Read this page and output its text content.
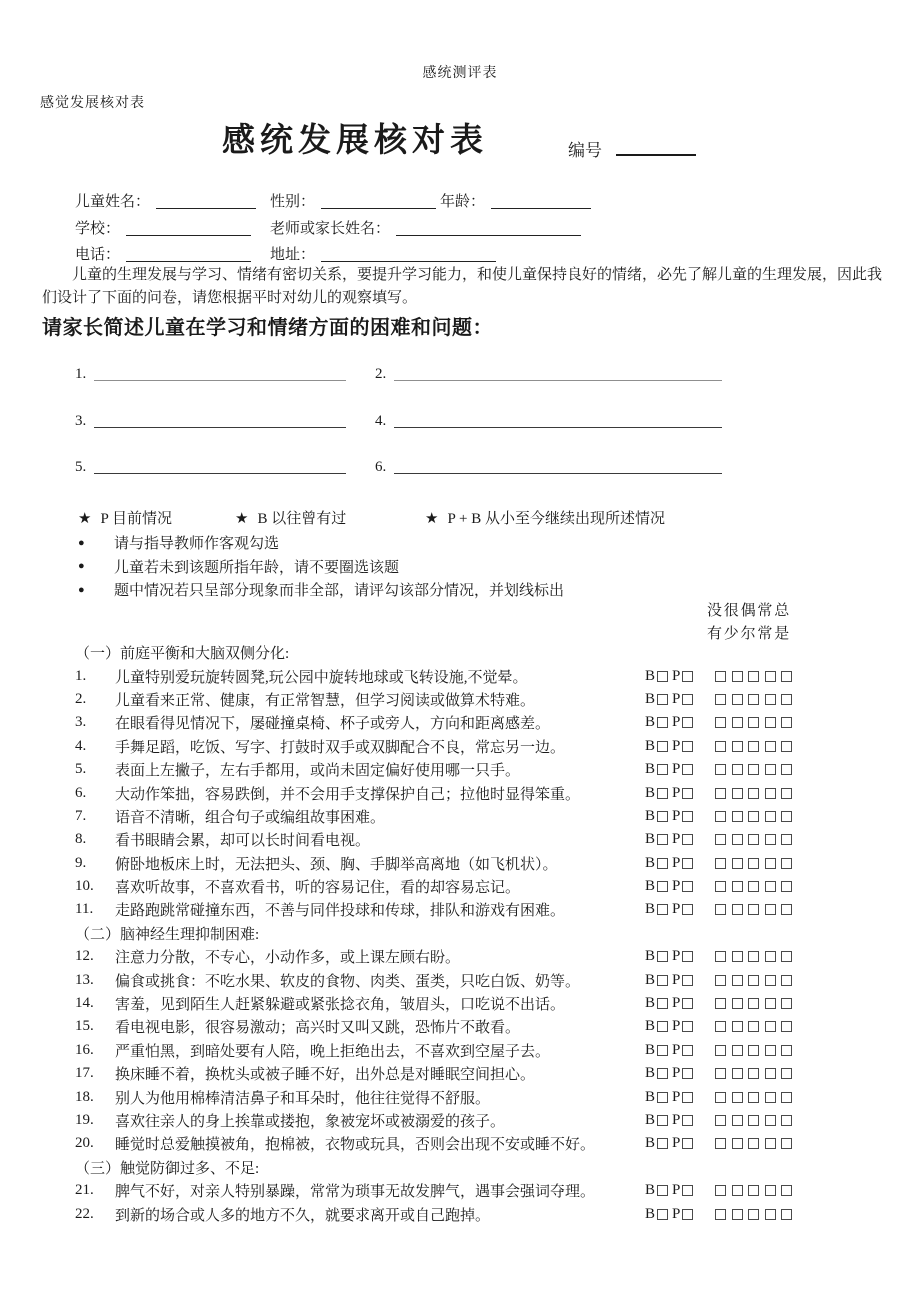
感统测评表
感觉发展核对表
感统发展核对表	编号
儿童姓名：	性别：	年龄：
学校：	老师或家长姓名：
电话：	地址：
儿童的生理发展与学习、情绪有密切关系，要提升学习能力，和使儿童保持良好的情绪，必先了解儿童的生理发展，因此我们设计了下面的问卷，请您根据平时对幼儿的观察填写。
请家长简述儿童在学习和情绪方面的困难和问题：
1.	2.
3.	4.
5.	6.
★ P 目前情况	★ B 以往曾有过	★ P + B 从小至今继续出现所述情况
●	请与指导教师作客观勾选
●	儿童若未到该题所指年龄，请不要圈选该题
●	题中情况若只呈部分现象而非全部，请评勾该部分情况，并划线标出
没很偶常总
有少尔常是
（一）前庭平衡和大脑双侧分化:
1.	儿童特别爱玩旋转圆凳,玩公园中旋转地球或飞转设施,不觉晕。	B P
2.	儿童看来正常、健康，有正常智慧，但学习阅读或做算术特难。	B P
3.	在眼看得见情况下，屡碰撞桌椅、杯子或旁人，方向和距离感差。	B P
4.	手舞足蹈，吃饭、写字、打鼓时双手或双脚配合不良，常忘另一边。	B P
5.	表面上左撇子，左右手都用，或尚未固定偏好使用哪一只手。	B P
6.	大动作笨拙，容易跌倒，并不会用手支撑保护自己；拉他时显得笨重。	B P
7.	语音不清晰，组合句子或编组故事困难。	B P
8.	看书眼睛会累，却可以长时间看电视。	B P
9.	俯卧地板床上时，无法把头、颈、胸、手脚举高离地（如飞机状）。	B P
10.	喜欢听故事，不喜欢看书，听的容易记住，看的却容易忘记。	B P
11.	走路跑跳常碰撞东西，不善与同伴投球和传球，排队和游戏有困难。	B P
（二）脑神经生理抑制困难:
12.	注意力分散，不专心，小动作多，或上课左顾右盼。	B P
13.	偏食或挑食：不吃水果、软皮的食物、肉类、蛋类，只吃白饭、奶等。	B P
14.	害羞，见到陌生人赶紧躲避或紧张捻衣角，皱眉头，口吃说不出话。	B P
15.	看电视电影，很容易激动；高兴时又叫又跳，恐怖片不敢看。	B P
16.	严重怕黑，到暗处要有人陪，晚上拒绝出去，不喜欢到空屋子去。	B P
17.	换床睡不着，换枕头或被子睡不好，出外总是对睡眠空间担心。	B P
18.	别人为他用棉棒清洁鼻子和耳朵时，他往往觉得不舒服。	B P
19.	喜欢往亲人的身上挨靠或搂抱，象被宠坏或被溺爱的孩子。	B P
20.	睡觉时总爱触摸被角，抱棉被，衣物或玩具，否则会出现不安或睡不好。	B P
（三）触觉防御过多、不足:
21.	脾气不好，对亲人特别暴躁，常常为琐事无故发脾气，遇事会强词夺理。	B P
22.	到新的场合或人多的地方不久，就要求离开或自己跑掉。	B P
